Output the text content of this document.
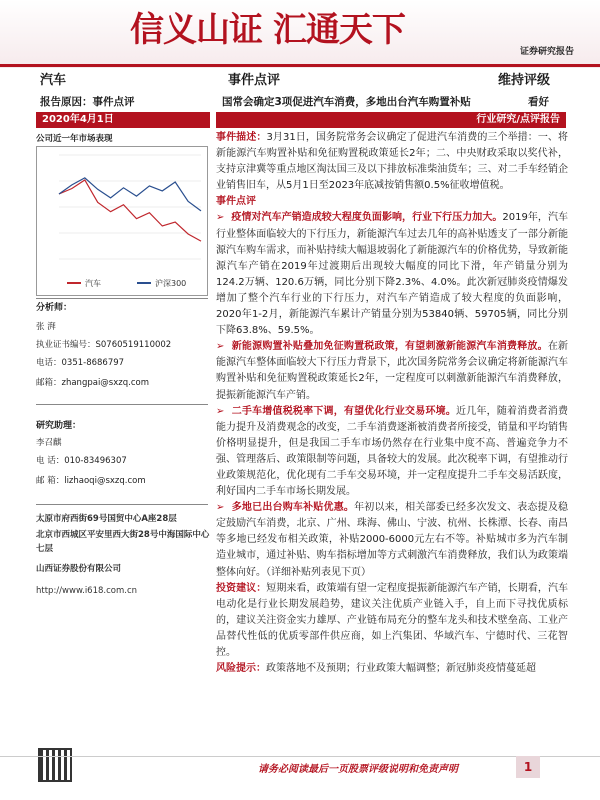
信义山证 汇通天下
证券研究报告
汽车	事件点评	维持评级
报告原因：事件点评	国常会确定3项促进汽车消费，多地出台汽车购置补贴	看好
2020年4月1日	行业研究/点评报告
公司近一年市场表现
汽车	沪深300
分析师：
张 湃
执业证书编号：S0760519110002
电话：0351-8686797
邮箱：zhangpai@sxzq.com
研究助理：
李召麒
电 话：010-83496307
邮 箱：lizhaoqi@sxzq.com
太原市府西街69号国贸中心A座28层
北京市西城区平安里西大街28号中海国际中心七层
山西证券股份有限公司
http://www.i618.com.cn

事件描述：3月31日，国务院常务会议确定了促进汽车消费的三个举措：一、将新能源汽车购置补贴和免征购置税政策延长2年；二、中央财政采取以奖代补，支持京津冀等重点地区淘汰国三及以下排放标准柴油货车；三、对二手车经销企业销售旧车，从5月1日至2023年底减按销售额0.5%征收增值税。

事件点评

➢  疫情对汽车产销造成较大程度负面影响，行业下行压力加大。2019年，汽车行业整体面临较大的下行压力，新能源汽车过去几年的高补贴透支了一部分新能源汽车购车需求，而补贴持续大幅退坡弱化了新能源汽车的价格优势，导致新能源汽车产销在2019年过渡期后出现较大幅度的同比下滑，年产销量分别为124.2万辆、120.6万辆，同比分别下降2.3%、4.0%。此次新冠肺炎疫情爆发增加了整个汽车行业的下行压力，对汽车产销造成了较大程度的负面影响，2020年1-2月，新能源汽车累计产销量分别为53840辆、59705辆，同比分别下降63.8%、59.5%。

➢  新能源购置补贴叠加免征购置税政策，有望刺激新能源汽车消费释放。在新能源汽车整体面临较大下行压力背景下，此次国务院常务会议确定将新能源汽车购置补贴和免征购置税政策延长2年，一定程度可以刺激新能源汽车消费释放，提振新能源汽车产销。

➢  二手车增值税税率下调，有望优化行业交易环境。近几年，随着消费者消费能力提升及消费观念的改变，二手车消费逐渐被消费者所接受，销量和平均销售价格明显提升，但是我国二手车市场仍然存在行业集中度不高、普遍竞争力不强、管理落后、政策限制等问题，具备较大的发展。此次税率下调，有望推动行业政策规范化，优化现有二手车交易环境，并一定程度提升二手车交易活跃度，利好国内二手车市场长期发展。

➢  多地已出台购车补贴优惠。年初以来，相关部委已经多次发文、表态提及稳定鼓励汽车消费，北京、广州、珠海、佛山、宁波、杭州、长株潭、长春、南昌等多地已经发布相关政策，补贴2000-6000元左右不等。补贴城市多为汽车制造业城市，通过补贴、购车指标增加等方式刺激汽车消费释放，我们认为政策端整体向好。（详细补贴列表见下页）

投资建议：短期来看，政策端有望一定程度提振新能源汽车产销，长期看，汽车电动化是行业长期发展趋势，建议关注优质产业链入手，自上而下寻找优质标的，建议关注资金实力雄厚、产业链布局充分的整车龙头和技术壁垒高、工业产品替代性低的优质零部件供应商，如上汽集团、华域汽车、宁德时代、三花智控。

风险提示：政策落地不及预期；行业政策大幅调整；新冠肺炎疫情蔓延超

请务必阅读最后一页股票评级说明和免责声明	1
